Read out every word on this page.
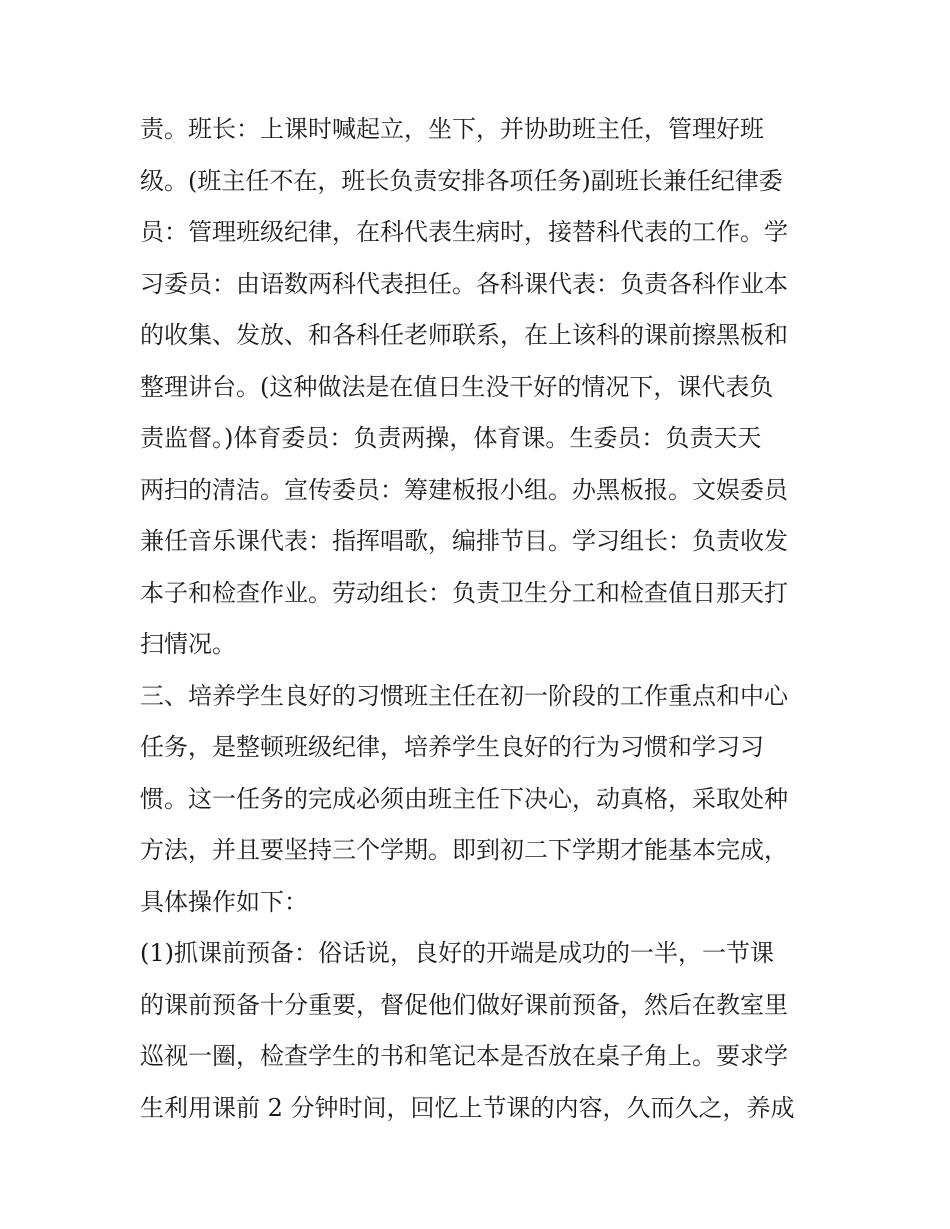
责。班长：上课时喊起立，坐下，并协助班主任，管理好班
级。(班主任不在，班长负责安排各项任务)副班长兼任纪律委
员：管理班级纪律，在科代表生病时，接替科代表的工作。学
习委员：由语数两科代表担任。各科课代表：负责各科作业本
的收集、发放、和各科任老师联系，在上该科的课前擦黑板和
整理讲台。(这种做法是在值日生没干好的情况下，课代表负
责监督。)体育委员：负责两操，体育课。生委员：负责天天
两扫的清洁。宣传委员：筹建板报小组。办黑板报。文娱委员
兼任音乐课代表：指挥唱歌，编排节目。学习组长：负责收发
本子和检查作业。劳动组长：负责卫生分工和检查值日那天打
扫情况。
三、培养学生良好的习惯班主任在初一阶段的工作重点和中心
任务，是整顿班级纪律，培养学生良好的行为习惯和学习习
惯。这一任务的完成必须由班主任下决心，动真格，采取处种
方法，并且要坚持三个学期。即到初二下学期才能基本完成，
具体操作如下：
(1)抓课前预备：俗话说，良好的开端是成功的一半，一节课
的课前预备十分重要，督促他们做好课前预备，然后在教室里
巡视一圈，检查学生的书和笔记本是否放在桌子角上。要求学
生利用课前 2 分钟时间，回忆上节课的内容，久而久之，养成
